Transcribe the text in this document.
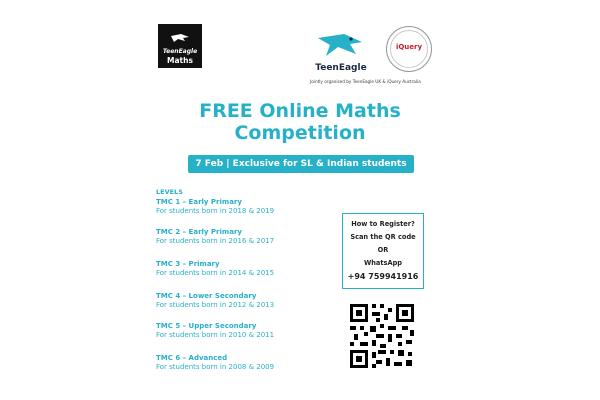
TeenEagle
Maths
TeenEagle
iQuery
Jointly organised by TeenEagle UK & iQuery Australia
FREE Online Maths
Competition
7 Feb | Exclusive for SL & Indian students
LEVELS
TMC 1 – Early Primary
For students born in 2018 & 2019
TMC 2 – Early Primary
For students born in 2016 & 2017
TMC 3 – Primary
For students born in 2014 & 2015
TMC 4 – Lower Secondary
For students born in 2012 & 2013
TMC 5 – Upper Secondary
For students born in 2010 & 2011
TMC 6 – Advanced
For students born in 2008 & 2009
How to Register?
Scan the QR code
OR
WhatsApp
+94 759941916
